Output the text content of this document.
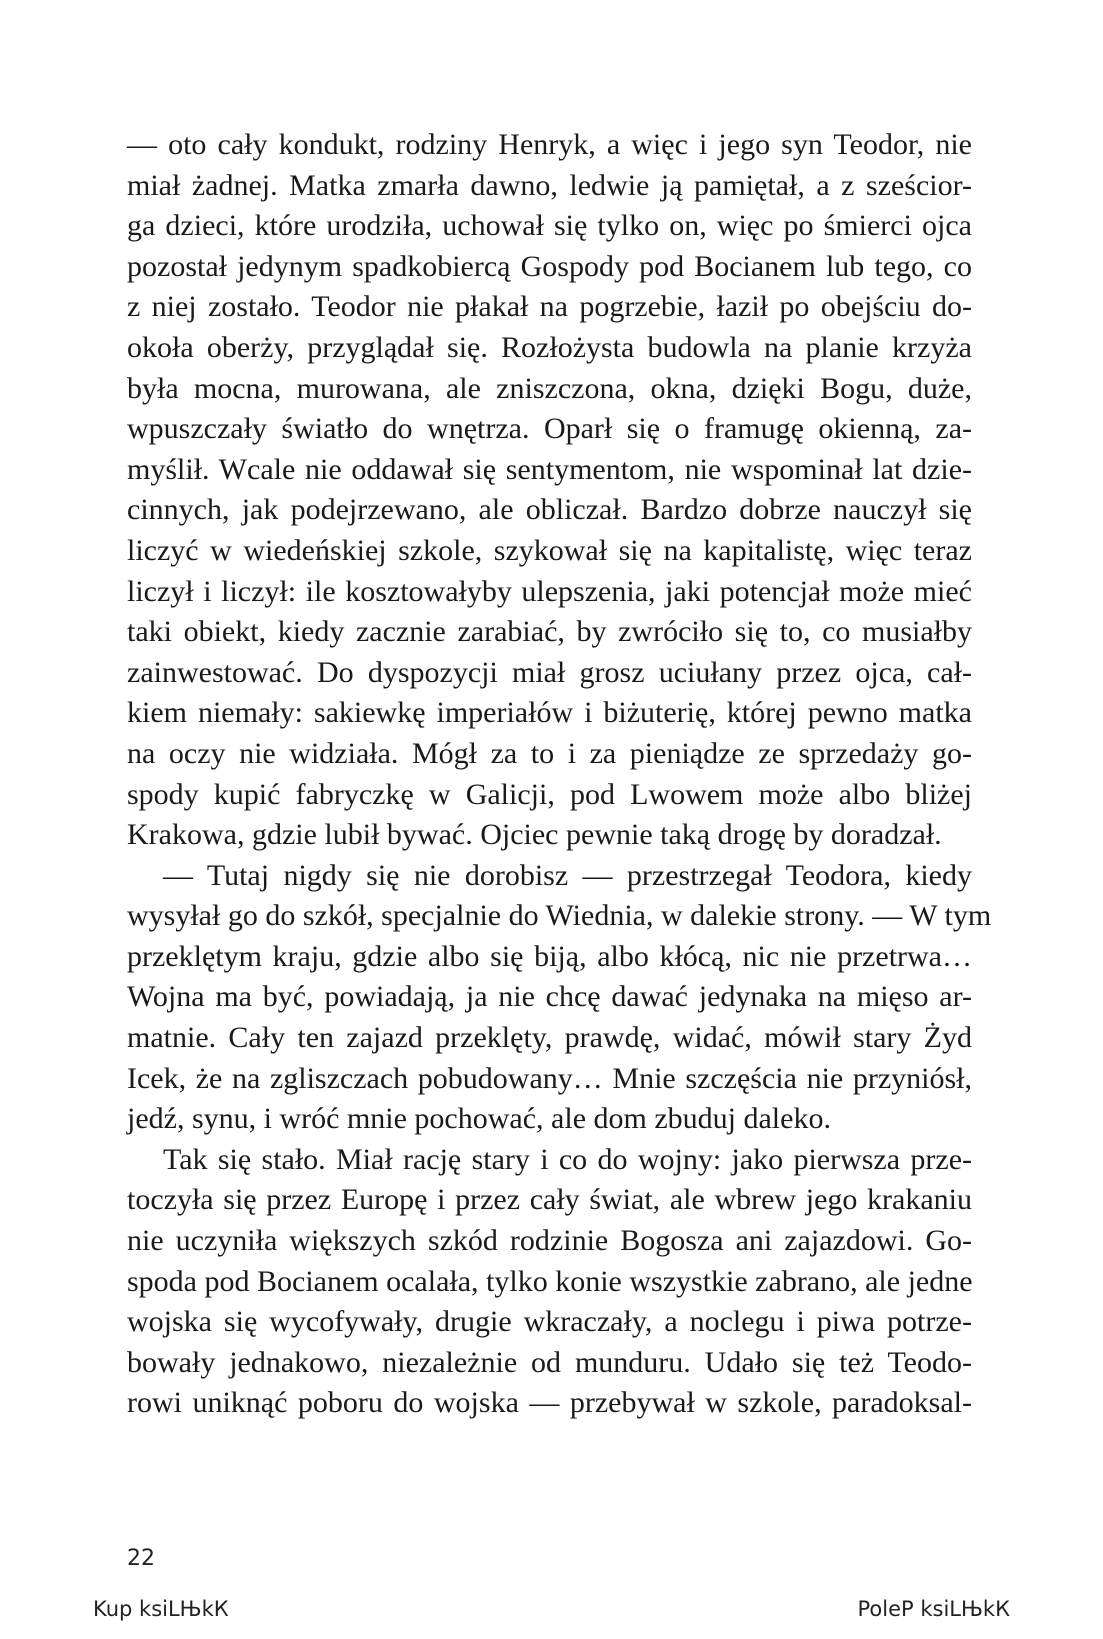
— oto cały kondukt, rodziny Henryk, a więc i jego syn Teodor, nie
miał żadnej. Matka zmarła dawno, ledwie ją pamiętał, a z sześcior-
ga dzieci, które urodziła, uchował się tylko on, więc po śmierci ojca
pozostał jedynym spadkobiercą Gospody pod Bocianem lub tego, co
z niej zostało. Teodor nie płakał na pogrzebie, łaził po obejściu do-
okoła oberży, przyglądał się. Rozłożysta budowla na planie krzyża
była mocna, murowana, ale zniszczona, okna, dzięki Bogu, duże,
wpuszczały światło do wnętrza. Oparł się o framugę okienną, za-
myślił. Wcale nie oddawał się sentymentom, nie wspominał lat dzie-
cinnych, jak podejrzewano, ale obliczał. Bardzo dobrze nauczył się
liczyć w wiedeńskiej szkole, szykował się na kapitalistę, więc teraz
liczył i liczył: ile kosztowałyby ulepszenia, jaki potencjał może mieć
taki obiekt, kiedy zacznie zarabiać, by zwróciło się to, co musiałby
zainwestować. Do dyspozycji miał grosz uciułany przez ojca, cał-
kiem niemały: sakiewkę imperiałów i biżuterię, której pewno matka
na oczy nie widziała. Mógł za to i za pieniądze ze sprzedaży go-
spody kupić fabryczkę w Galicji, pod Lwowem może albo bliżej
Krakowa, gdzie lubił bywać. Ojciec pewnie taką drogę by doradzał.
— Tutaj nigdy się nie dorobisz — przestrzegał Teodora, kiedy
wysyłał go do szkół, specjalnie do Wiednia, w dalekie strony. — W tym
przeklętym kraju, gdzie albo się biją, albo kłócą, nic nie przetrwa…
Wojna ma być, powiadają, ja nie chcę dawać jedynaka na mięso ar-
matnie. Cały ten zajazd przeklęty, prawdę, widać, mówił stary Żyd
Icek, że na zgliszczach pobudowany… Mnie szczęścia nie przyniósł,
jedź, synu, i wróć mnie pochować, ale dom zbuduj daleko.
Tak się stało. Miał rację stary i co do wojny: jako pierwsza prze-
toczyła się przez Europę i przez cały świat, ale wbrew jego krakaniu
nie uczyniła większych szkód rodzinie Bogosza ani zajazdowi. Go-
spoda pod Bocianem ocalała, tylko konie wszystkie zabrano, ale jedne
wojska się wycofywały, drugie wkraczały, a noclegu i piwa potrze-
bowały jednakowo, niezależnie od munduru. Udało się też Teodo-
rowi uniknąć poboru do wojska — przebywał w szkole, paradoksal-
22
Kup ksiLЊkК	PoleР ksiLЊkК
